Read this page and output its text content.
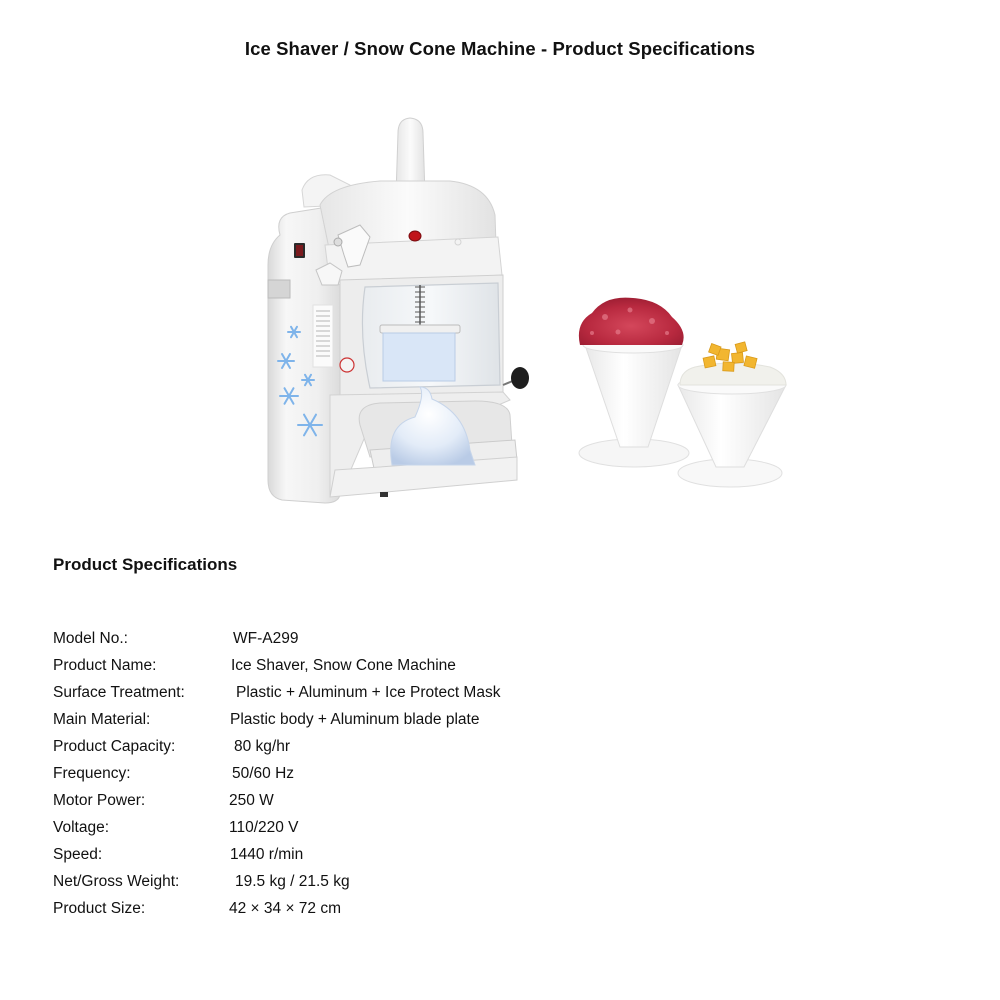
Ice Shaver / Snow Cone Machine - Product Specifications
Product Specifications
Model No.:	WF-A299
Product Name:	Ice Shaver, Snow Cone Machine
Surface Treatment:	Plastic + Aluminum + Ice Protect Mask
Main Material:	Plastic body + Aluminum blade plate
Product Capacity:	80 kg/hr
Frequency:	50/60 Hz
Motor Power:	250 W
Voltage:	110/220 V
Speed:	1440 r/min
Net/Gross Weight:	19.5 kg / 21.5 kg
Product Size:	42 × 34 × 72 cm
